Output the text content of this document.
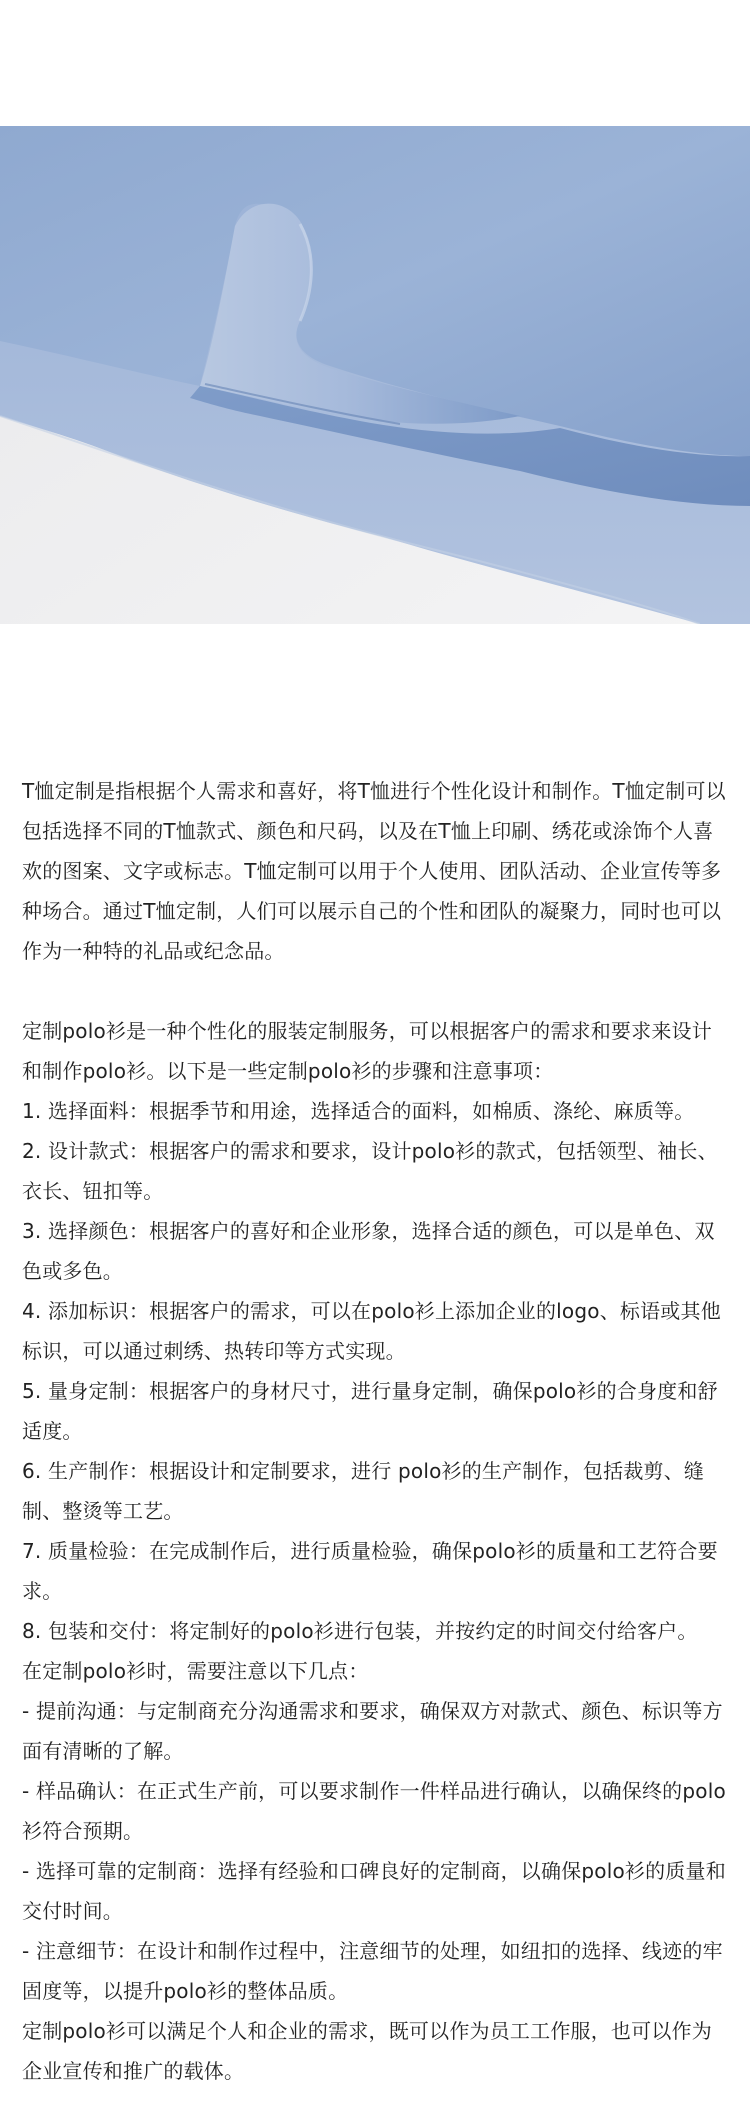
T恤定制是指根据个人需求和喜好，将T恤进行个性化设计和制作。T恤定制可以包括选择不同的T恤款式、颜色和尺码，以及在T恤上印刷、绣花或涂饰个人喜欢的图案、文字或标志。T恤定制可以用于个人使用、团队活动、企业宣传等多种场合。通过T恤定制，人们可以展示自己的个性和团队的凝聚力，同时也可以作为一种特的礼品或纪念品。

定制polo衫是一种个性化的服装定制服务，可以根据客户的需求和要求来设计和制作polo衫。以下是一些定制polo衫的步骤和注意事项：

1. 选择面料：根据季节和用途，选择适合的面料，如棉质、涤纶、麻质等。

2. 设计款式：根据客户的需求和要求，设计polo衫的款式，包括领型、袖长、衣长、钮扣等。

3. 选择颜色：根据客户的喜好和企业形象，选择合适的颜色，可以是单色、双色或多色。

4. 添加标识：根据客户的需求，可以在polo衫上添加企业的logo、标语或其他标识，可以通过刺绣、热转印等方式实现。

5. 量身定制：根据客户的身材尺寸，进行量身定制，确保polo衫的合身度和舒适度。

6. 生产制作：根据设计和定制要求，进行 polo衫的生产制作，包括裁剪、缝制、整烫等工艺。

7. 质量检验：在完成制作后，进行质量检验，确保polo衫的质量和工艺符合要求。

8. 包装和交付：将定制好的polo衫进行包装，并按约定的时间交付给客户。

在定制polo衫时，需要注意以下几点：

- 提前沟通：与定制商充分沟通需求和要求，确保双方对款式、颜色、标识等方面有清晰的了解。

- 样品确认：在正式生产前，可以要求制作一件样品进行确认，以确保终的polo衫符合预期。

- 选择可靠的定制商：选择有经验和口碑良好的定制商，以确保polo衫的质量和交付时间。

- 注意细节：在设计和制作过程中，注意细节的处理，如纽扣的选择、线迹的牢固度等，以提升polo衫的整体品质。

定制polo衫可以满足个人和企业的需求，既可以作为员工工作服，也可以作为企业宣传和推广的载体。
